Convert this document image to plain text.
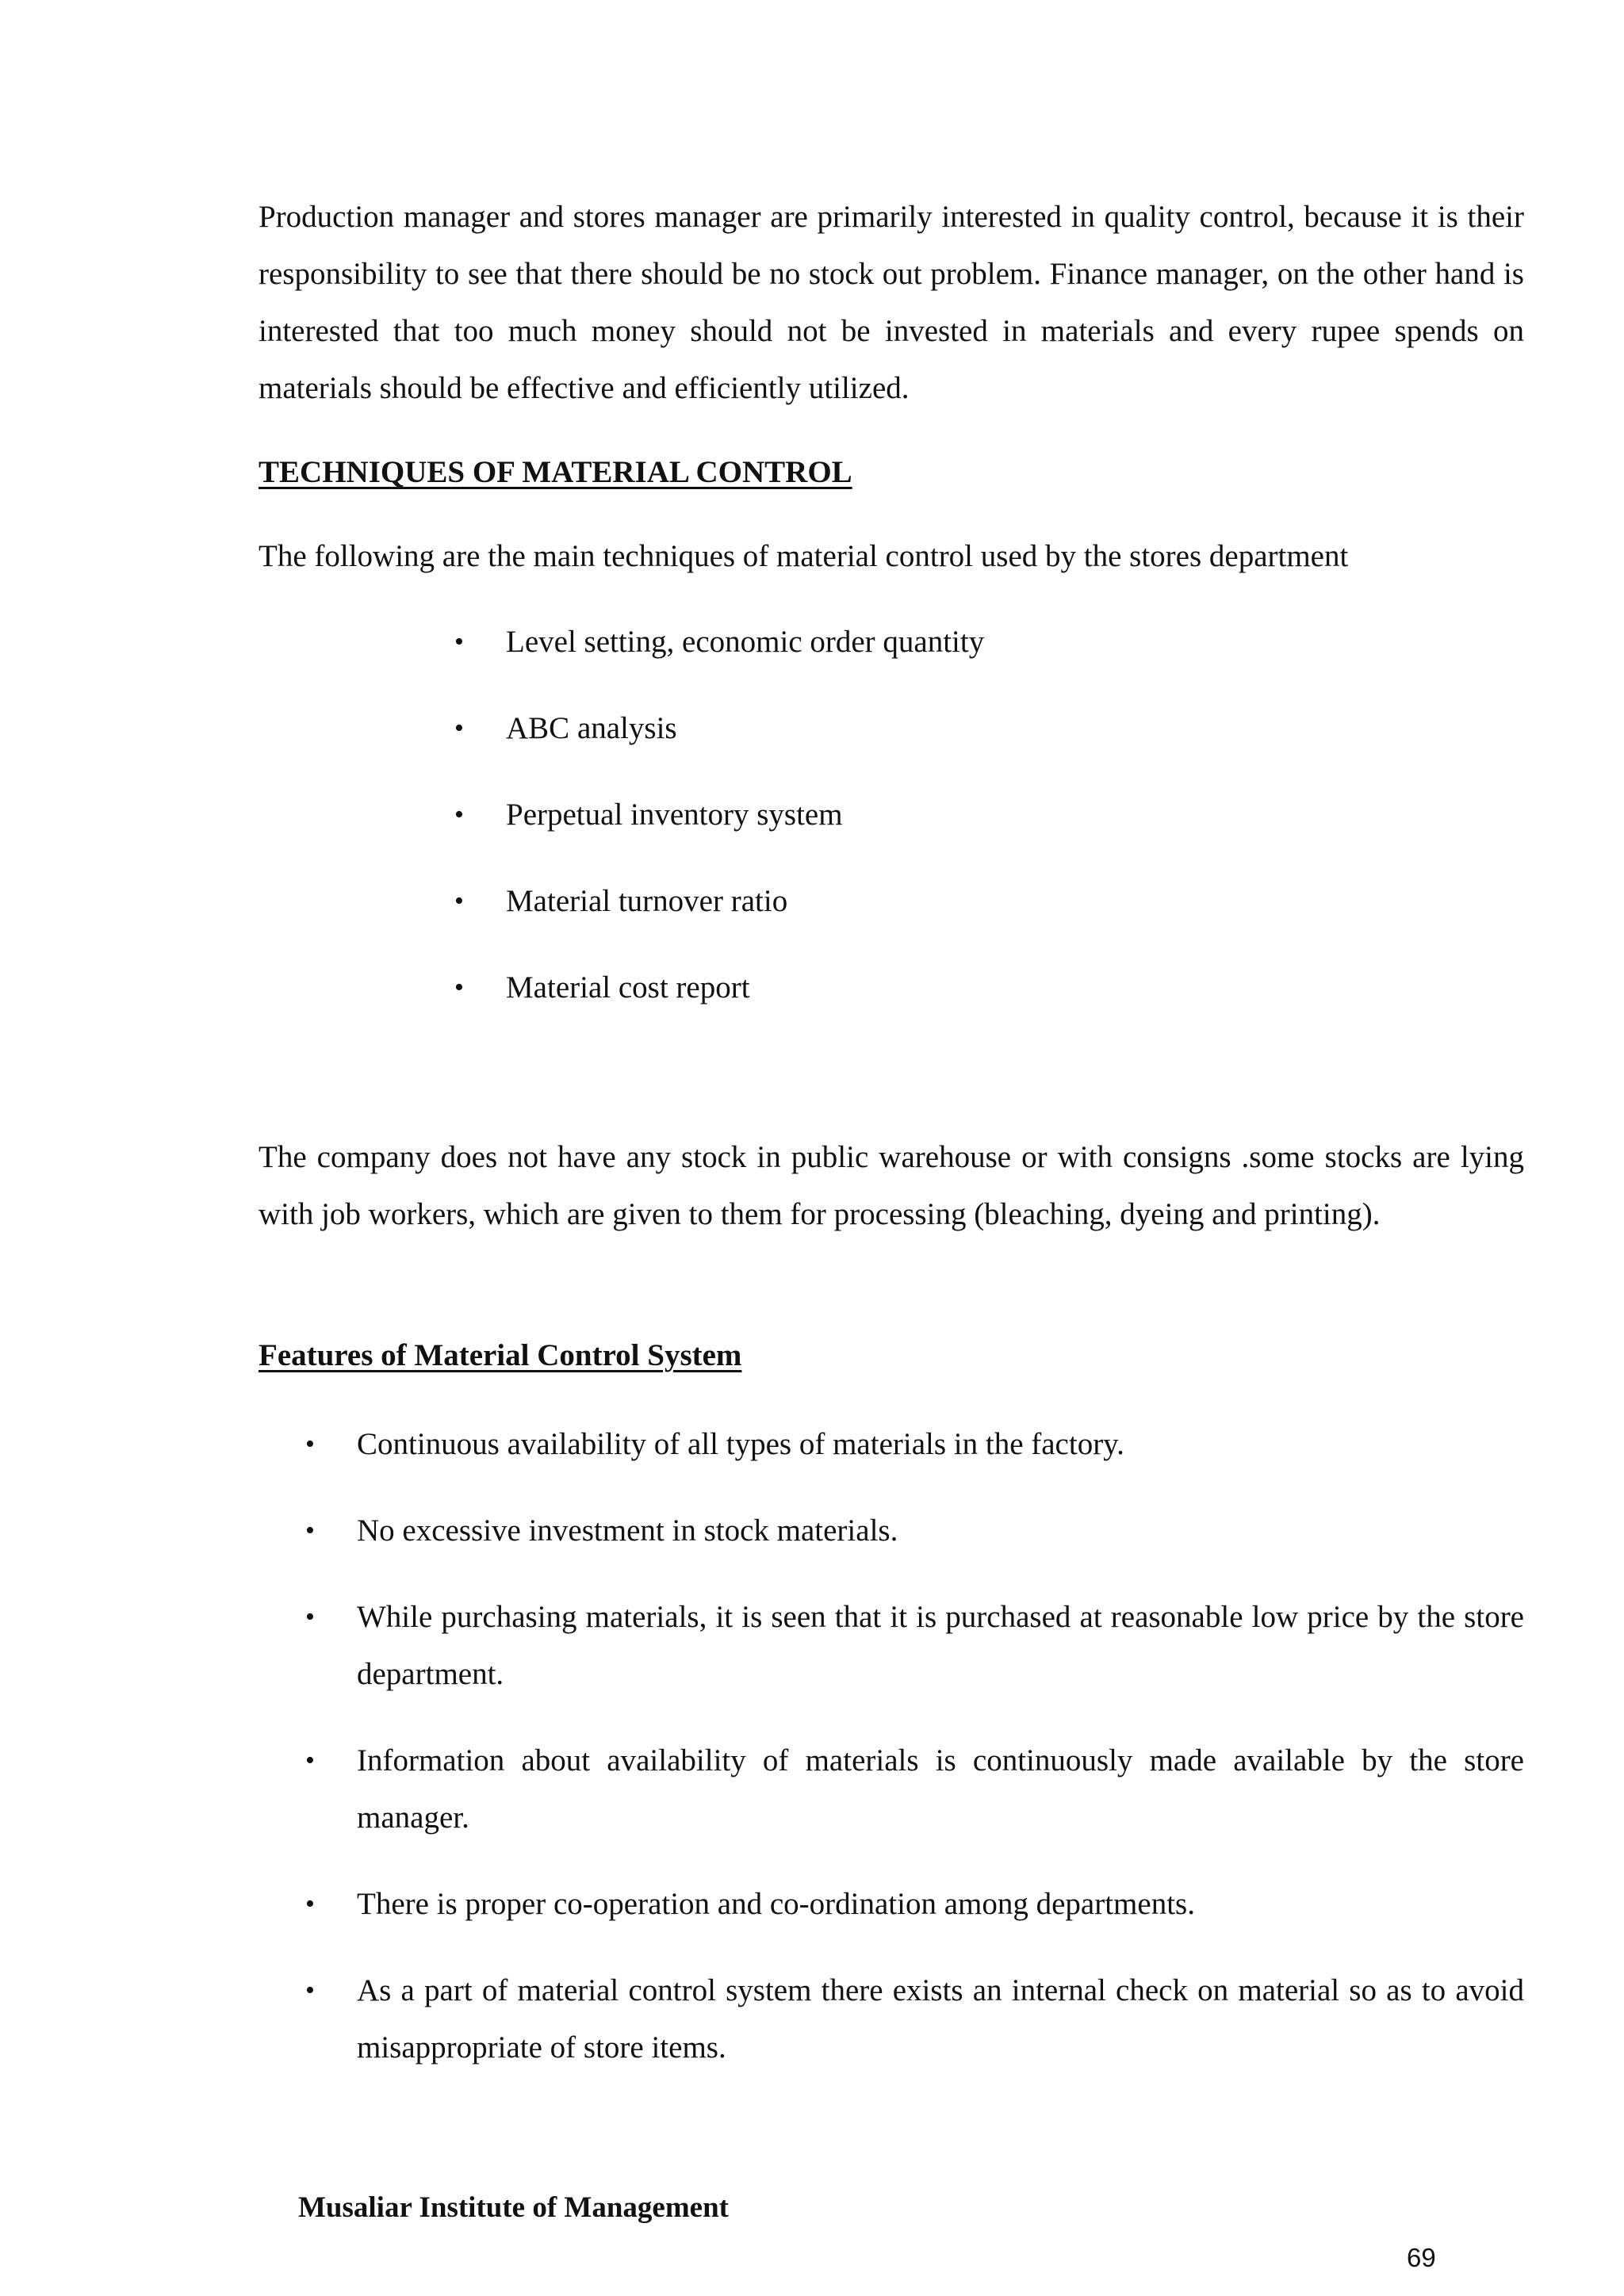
Production manager and stores manager are primarily interested in quality control, because it is their responsibility to see that there should be no stock out problem. Finance manager, on the other hand is interested that too much money should not be invested in materials and every rupee spends on materials should be effective and efficiently utilized.

TECHNIQUES OF MATERIAL CONTROL

The following are the main techniques of material control used by the stores department

• Level setting, economic order quantity
• ABC analysis
• Perpetual inventory system
• Material turnover ratio
• Material cost report

The company does not have any stock in public warehouse or with consigns .some stocks are lying with job workers, which are given to them for processing (bleaching, dyeing and printing).

Features of Material Control System
• Continuous availability of all types of materials in the factory.
• No excessive investment in stock materials.
• While purchasing materials, it is seen that it is purchased at reasonable low price by the store department.
• Information about availability of materials is continuously made available by the store manager.
• There is proper co-operation and co-ordination among departments.
• As a part of material control system there exists an internal check on material so as to avoid misappropriate of store items.

Musaliar Institute of Management

69
